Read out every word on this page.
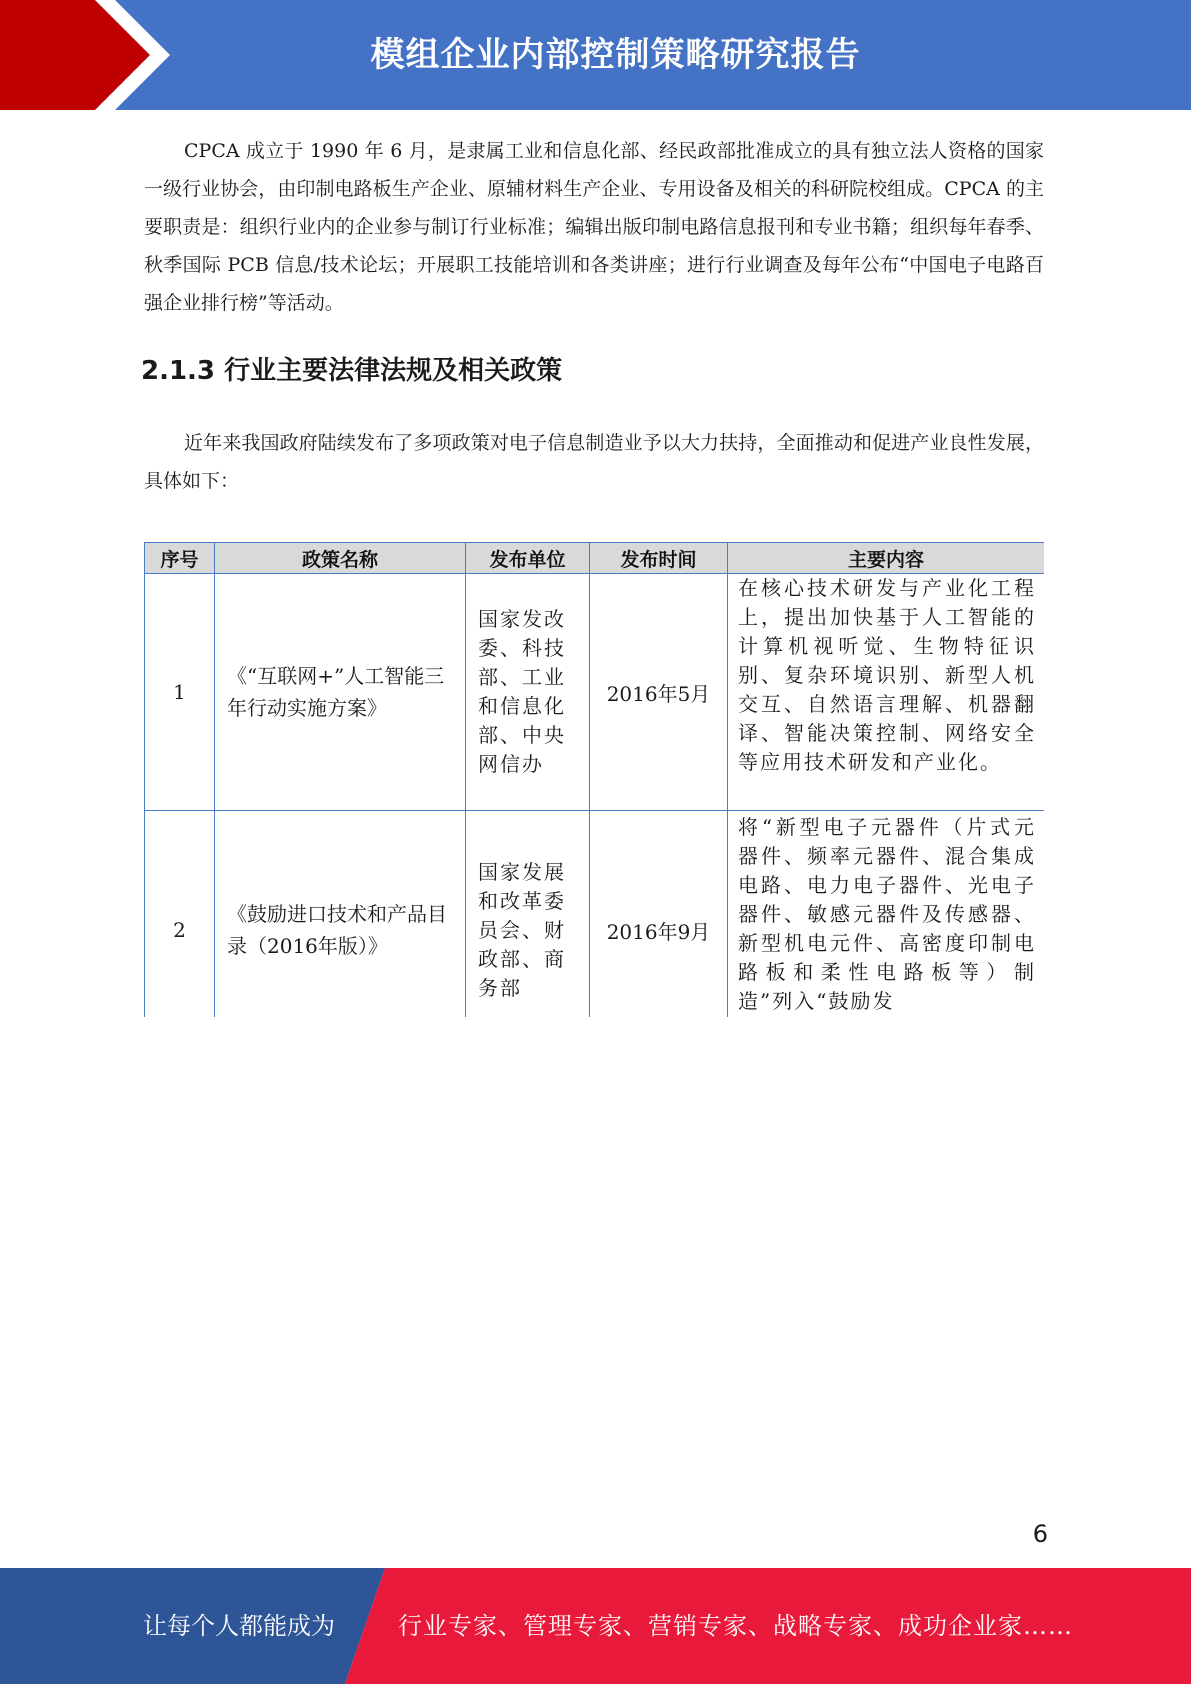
模组企业内部控制策略研究报告

CPCA 成立于 1990 年 6 月，是隶属工业和信息化部、经民政部批准成立的具有独立法人资格的国家一级行业协会，由印制电路板生产企业、原辅材料生产企业、专用设备及相关的科研院校组成。CPCA 的主要职责是：组织行业内的企业参与制订行业标准；编辑出版印制电路信息报刊和专业书籍；组织每年春季、秋季国际 PCB 信息/技术论坛；开展职工技能培训和各类讲座；进行行业调查及每年公布“中国电子电路百强企业排行榜”等活动。

2.1.3 行业主要法律法规及相关政策

近年来我国政府陆续发布了多项政策对电子信息制造业予以大力扶持，全面推动和促进产业良性发展，具体如下：

序号	政策名称	发布单位	发布时间	主要内容
1	《“互联网+”人工智能三年行动实施方案》	国家发改委、科技部、工业和信息化部、中央网信办	2016年5月	在核心技术研发与产业化工程上，提出加快基于人工智能的计算机视听觉、生物特征识别、复杂环境识别、新型人机交互、自然语言理解、机器翻译、智能决策控制、网络安全等应用技术研发和产业化。
2	《鼓励进口技术和产品目录（2016年版）》	国家发展和改革委员会、财政部、商务部	2016年9月	将“新型电子元器件（片式元器件、频率元器件、混合集成电路、电力电子器件、光电子器件、敏感元器件及传感器、新型机电元件、高密度印制电路板和柔性电路板等）制造”列入“鼓励发
6
让每个人都能成为	行业专家、管理专家、营销专家、战略专家、成功企业家……
